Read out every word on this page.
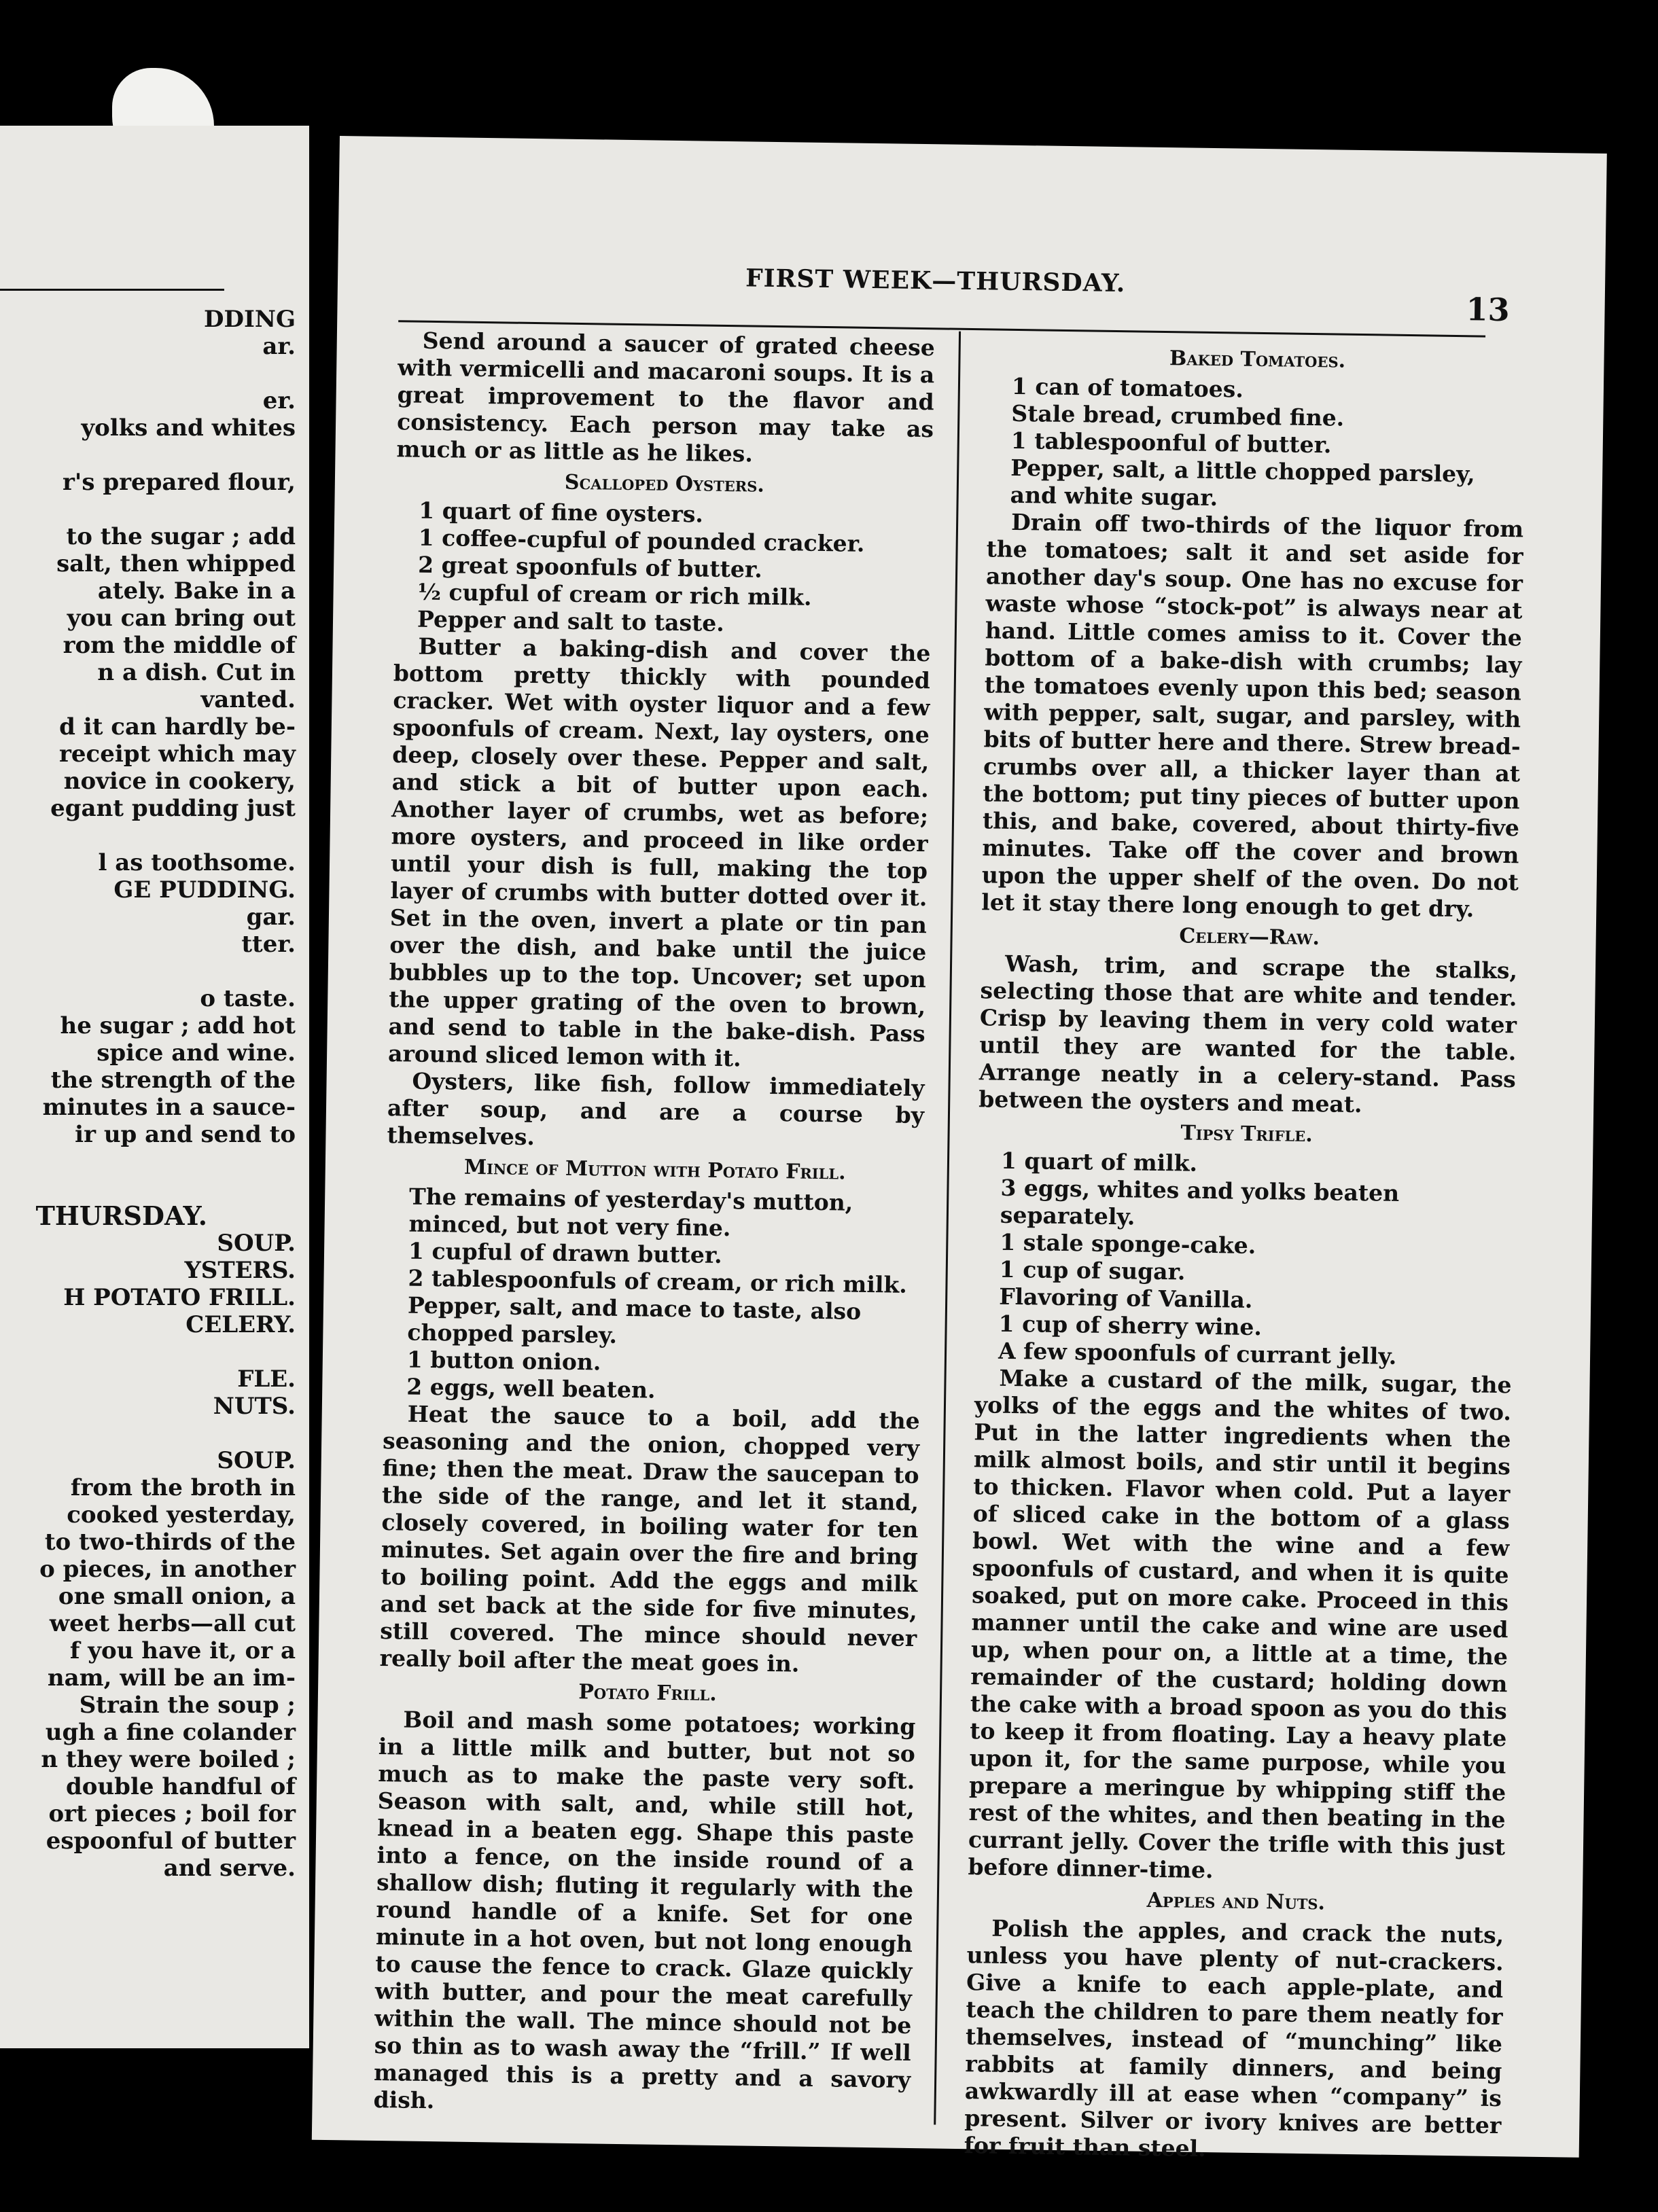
DDING
ar.
er.
yolks and whites
r's prepared flour,
to the sugar ; add
salt, then whipped
ately. Bake in a
you can bring out
rom the middle of
n a dish. Cut in
vanted.
d it can hardly be-
receipt which may
novice in cookery,
egant pudding just
l as toothsome.
GE PUDDING.
gar.
tter.
o taste.
he sugar ; add hot
spice and wine.
the strength of the
minutes in a sauce-
ir up and send to
THURSDAY.
SOUP.
YSTERS.
H POTATO FRILL.
CELERY.
FLE.
NUTS.
SOUP.
from the broth in
cooked yesterday,
to two-thirds of the
o pieces, in another
one small onion, a
weet herbs—all cut
f you have it, or a
nam, will be an im-
Strain the soup ;
ugh a fine colander
n they were boiled ;
double handful of
ort pieces ; boil for
espoonful of butter
and serve.
FIRST WEEK—THURSDAY.
13

Send around a saucer of grated cheese with vermicelli and macaroni soups. It is a great improvement to the flavor and consistency. Each person may take as much or as little as he likes.

Scalloped Oysters.
1 quart of fine oysters.
1 coffee-cupful of pounded cracker.
2 great spoonfuls of butter.
½ cupful of cream or rich milk.
Pepper and salt to taste.

Butter a baking-dish and cover the bottom pretty thickly with pounded cracker. Wet with oyster liquor and a few spoonfuls of cream. Next, lay oysters, one deep, closely over these. Pepper and salt, and stick a bit of butter upon each. Another layer of crumbs, wet as before; more oysters, and proceed in like order until your dish is full, making the top layer of crumbs with butter dotted over it. Set in the oven, invert a plate or tin pan over the dish, and bake until the juice bubbles up to the top. Uncover; set upon the upper grating of the oven to brown, and send to table in the bake-dish. Pass around sliced lemon with it.

Oysters, like fish, follow immediately after soup, and are a course by themselves.

Mince of Mutton with Potato Frill.
The remains of yesterday's mutton, minced, but not very fine.
1 cupful of drawn butter.
2 tablespoonfuls of cream, or rich milk.
Pepper, salt, and mace to taste, also chopped parsley.
1 button onion.
2 eggs, well beaten.

Heat the sauce to a boil, add the seasoning and the onion, chopped very fine; then the meat. Draw the saucepan to the side of the range, and let it stand, closely covered, in boiling water for ten minutes. Set again over the fire and bring to boiling point. Add the eggs and milk and set back at the side for five minutes, still covered. The mince should never really boil after the meat goes in.

Potato Frill.

Boil and mash some potatoes; working in a little milk and butter, but not so much as to make the paste very soft. Season with salt, and, while still hot, knead in a beaten egg. Shape this paste into a fence, on the inside round of a shallow dish; fluting it regularly with the round handle of a knife. Set for one minute in a hot oven, but not long enough to cause the fence to crack. Glaze quickly with butter, and pour the meat carefully within the wall. The mince should not be so thin as to wash away the “frill.” If well managed this is a pretty and a savory dish.

Baked Tomatoes.
1 can of tomatoes.
Stale bread, crumbed fine.
1 tablespoonful of butter.
Pepper, salt, a little chopped parsley, and white sugar.

Drain off two-thirds of the liquor from the tomatoes; salt it and set aside for another day's soup. One has no excuse for waste whose “stock-pot” is always near at hand. Little comes amiss to it. Cover the bottom of a bake-dish with crumbs; lay the tomatoes evenly upon this bed; season with pepper, salt, sugar, and parsley, with bits of butter here and there. Strew bread-crumbs over all, a thicker layer than at the bottom; put tiny pieces of butter upon this, and bake, covered, about thirty-five minutes. Take off the cover and brown upon the upper shelf of the oven. Do not let it stay there long enough to get dry.

Celery—Raw.

Wash, trim, and scrape the stalks, selecting those that are white and tender. Crisp by leaving them in very cold water until they are wanted for the table. Arrange neatly in a celery-stand. Pass between the oysters and meat.

Tipsy Trifle.
1 quart of milk.
3 eggs, whites and yolks beaten separately.
1 stale sponge-cake.
1 cup of sugar.
Flavoring of Vanilla.
1 cup of sherry wine.
A few spoonfuls of currant jelly.

Make a custard of the milk, sugar, the yolks of the eggs and the whites of two. Put in the latter ingredients when the milk almost boils, and stir until it begins to thicken. Flavor when cold. Put a layer of sliced cake in the bottom of a glass bowl. Wet with the wine and a few spoonfuls of custard, and when it is quite soaked, put on more cake. Proceed in this manner until the cake and wine are used up, when pour on, a little at a time, the remainder of the custard; holding down the cake with a broad spoon as you do this to keep it from floating. Lay a heavy plate upon it, for the same purpose, while you prepare a meringue by whipping stiff the rest of the whites, and then beating in the currant jelly. Cover the trifle with this just before dinner-time.

Apples and Nuts.

Polish the apples, and crack the nuts, unless you have plenty of nut-crackers. Give a knife to each apple-plate, and teach the children to pare them neatly for themselves, instead of “munching” like rabbits at family dinners, and being awkwardly ill at ease when “company” is present. Silver or ivory knives are better for fruit than steel.
